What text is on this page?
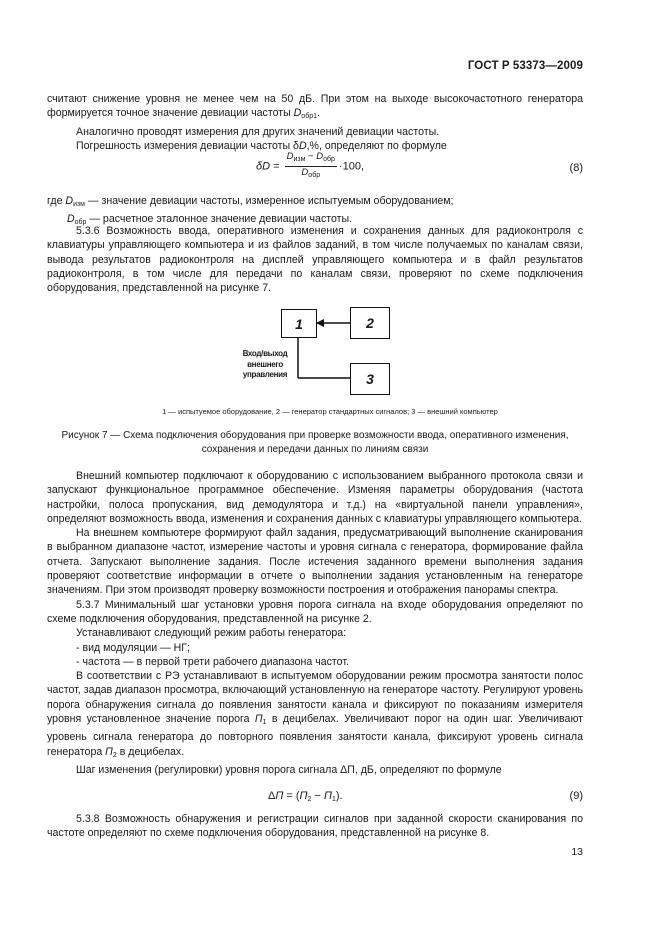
ГОСТ Р 53373—2009

считают снижение уровня не менее чем на 50 дБ. При этом на выходе высокочастотного генератора формируется точное значение девиации частоты $D_{обр1}$.

Аналогично проводят измерения для других значений девиации частоты.

Погрешность измерения девиации частоты δD,%, определяют по формуле

$\delta D = \frac{D_{изм} - D_{обр}}{D_{обр}} \cdot 100$,	(8)

где $D_{изм}$ — значение девиации частоты, измеренное испытуемым оборудованием;

$D_{обр}$ — расчетное эталонное значение девиации частоты.

5.3.6 Возможность ввода, оперативного изменения и сохранения данных для радиоконтроля с клавиатуры управляющего компьютера и из файлов заданий, в том числе получаемых по каналам связи, вывода результатов радиоконтроля на дисплей управляющего компьютера и в файл результатов радиоконтроля, в том числе для передачи по каналам связи, проверяют по схеме подключения оборудования, представленной на рисунке 7.
1	2
3
Вход/выход
внешнего
управления
1 — испытуемое оборудование, 2 — генератор стандартных сигналов; 3 — внешний компьютер
Рисунок 7 — Схема подключения оборудования при проверке возможности ввода, оперативного изменения,
сохранения и передачи данных по линиям связи

Внешний компьютер подключают к оборудованию с использованием выбранного протокола связи и запускают функциональное программное обеспечение. Изменяя параметры оборудования (частота настройки, полоса пропускания, вид демодулятора и т.д.) на «виртуальной панели управления», определяют возможность ввода, изменения и сохранения данных с клавиатуры управляющего компьютера.

На внешнем компьютере формируют файл задания, предусматривающий выполнение сканирования в выбранном диапазоне частот, измерение частоты и уровня сигнала с генератора, формирование файла отчета. Запускают выполнение задания. После истечения заданного времени выполнения задания проверяют соответствие информации в отчете о выполнении задания установленным на генераторе значениям. При этом производят проверку возможности построения и отображения панорамы спектра.

5.3.7 Минимальный шаг установки уровня порога сигнала на входе оборудования определяют по схеме подключения оборудования, представленной на рисунке 2.

Устанавливают следующий режим работы генератора:

- вид модуляции — НГ;

- частота — в первой трети рабочего диапазона частот.

В соответствии с РЭ устанавливают в испытуемом оборудовании режим просмотра занятости полос частот, задав диапазон просмотра, включающий установленную на генераторе частоту. Регулируют уровень порога обнаружения сигнала до появления занятости канала и фиксируют по показаниям измерителя уровня установленное значение порога $П_1$ в децибелах. Увеличивают порог на один шаг. Увеличивают уровень сигнала генератора до повторного появления занятости канала, фиксируют уровень сигнала генератора $П_2$ в децибелах.

Шаг изменения (регулировки) уровня порога сигнала ΔП, дБ, определяют по формуле

$\Delta П = (П_2 - П_1)$.	(9)
5.3.8 Возможность обнаружения и регистрации сигналов при заданной скорости сканирования по частоте определяют по схеме подключения оборудования, представленной на рисунке 8.
13
